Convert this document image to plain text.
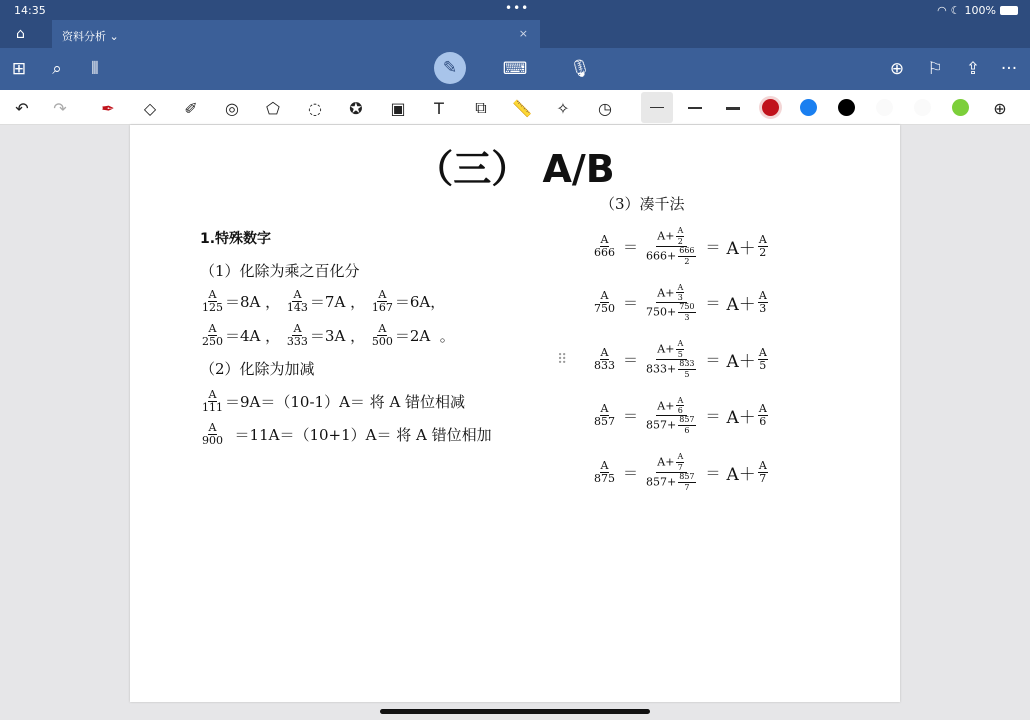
14:35	•••	◠ ☾ 100%
⌂	资料分析 ⌄	×
⊞	⌕	⫴	✎	⌨ 🎙	⊕	⚐	⇪	···
↶	↷	✒	◇	✐	◎	⬠	◌	✪	▣	T	⧉	📏	✧	◷	⊕
（三） A/B
（3）凑千法
1.特殊数字
（1）化除为乘之百化分
（2）化除为加减
$\frac{A}{125} =8A$ ， $\frac{A}{143} =7A$ ， $\frac{A}{167} =6A$，
$\frac{A}{250} =4A$ ， $\frac{A}{333} =3A$ ， $\frac{A}{500} =2A$  。
$\frac{A}{111} =9A=(10-1)A=$ 将 A 错位相减
$\frac{A}{900} =11A=(10+1)A=$ 将 A 错位相加
$\frac{A}{666} = \frac{A+ \frac{A}{2}}{666+ \frac{666}{2}} = A+ \frac{A}{2}$
$\frac{A}{750} = \frac{A+ \frac{A}{3}}{750+ \frac{750}{3}} = A+ \frac{A}{3}$
$\frac{A}{833} = \frac{A+ \frac{A}{5}}{833+ \frac{833}{5}} = A+ \frac{A}{5}$
$\frac{A}{857} = \frac{A+ \frac{A}{6}}{857+ \frac{857}{6}} = A+ \frac{A}{6}$
$\frac{A}{875} = \frac{A+ \frac{A}{7}}{857+ \frac{857}{7}} = A+ \frac{A}{7}$
⠿
